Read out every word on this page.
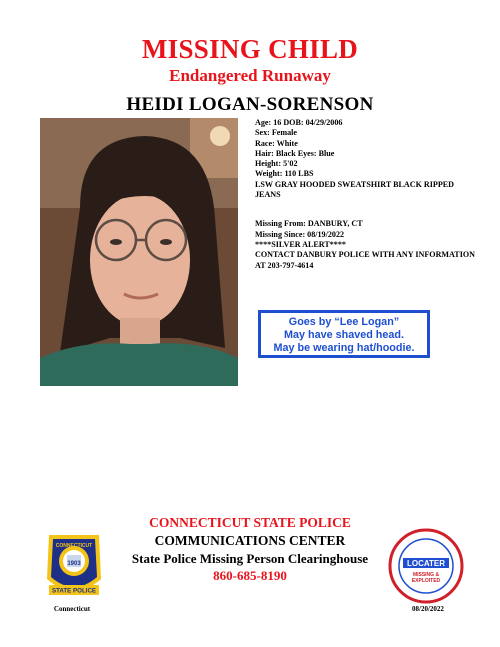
MISSING CHILD
Endangered Runaway
HEIDI LOGAN-SORENSON
Age: 16 DOB: 04/29/2006
Sex: Female
Race: White
Hair: Black Eyes: Blue
Height: 5'02
Weight: 110 LBS
LSW GRAY HOODED SWEATSHIRT BLACK RIPPED JEANS
Missing From: DANBURY, CT
Missing Since: 08/19/2022
****SILVER ALERT****
CONTACT DANBURY POLICE WITH ANY INFORMATION AT 203-797-4614
Goes by “Lee Logan”
May have shaved head.
May be wearing hat/hoodie.
CONNECTICUT STATE POLICE
COMMUNICATIONS CENTER
State Police Missing Person Clearinghouse
860-685-8190
CONNECTICUT
1903
STATE POLICE
Connecticut
LOCATER
MISSING &
EXPLOITED
08/20/2022
